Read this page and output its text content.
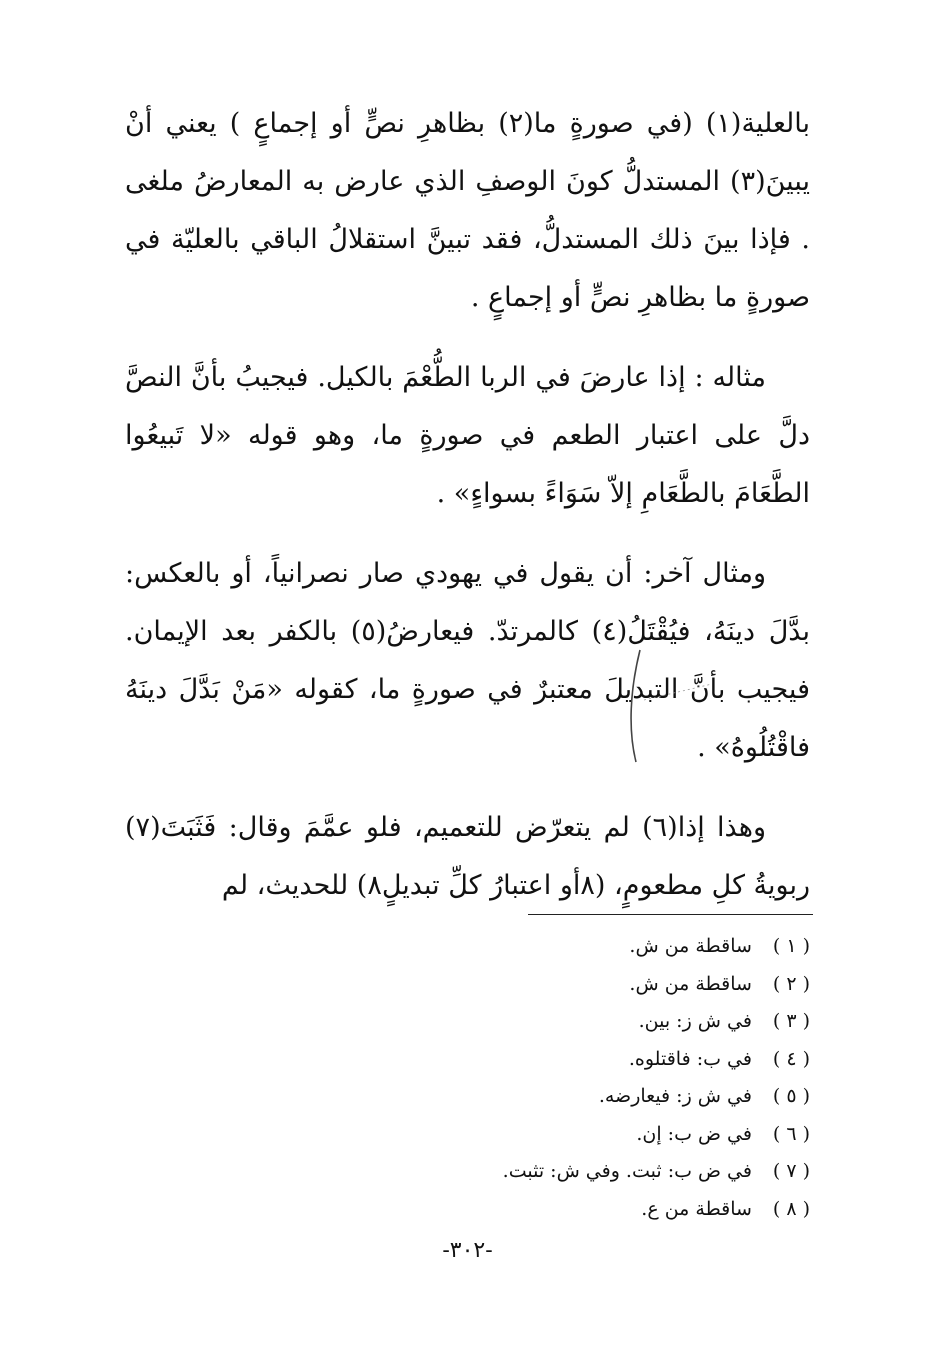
بالعلية(١) (في صورةٍ ما(٢) بظاهرِ نصٍّ أو إجماعٍ ) يعني أنْ يبينَ(٣) المستدلُّ كونَ الوصفِ الذي عارض به المعارضُ ملغى . فإذا بينَ ذلك المستدلُّ، فقد تبينَّ استقلالُ الباقي بالعليّة في صورةٍ ما بظاهرِ نصٍّ أو إجماعٍ .

مثاله : إذا عارضَ في الربا الطُّعْمَ بالكيل. فيجيبُ بأنَّ النصَّ دلَّ على اعتبار الطعم في صورةٍ ما، وهو قوله «لا تَبيعُوا الطَّعَامَ بالطَّعَامِ إلاّ سَوَاءً بسواءٍ» .

ومثال آخر: أن يقول في يهودي صار نصرانياً، أو بالعكس: بدَّلَ دينَهُ، فيُقْتَلُ(٤) كالمرتدّ. فيعارضُ(٥) بالكفر بعد الإيمان. فيجيب بأنَّ التبديلَ معتبرٌ في صورةٍ ما، كقوله «مَنْ بَدَّلَ دينَهُ فاقْتُلُوهُ» .

وهذا إذا(٦) لم يتعرّض للتعميم، فلو عمَّمَ وقال: فَثَبَتَ(٧) ربويةُ كلِ مطعومٍ، (٨أو اعتبارُ كلِّ تبديلٍ٨) للحديث، لم

( ١ ) ساقطة من ش.
( ٢ ) ساقطة من ش.
( ٣ ) في ش ز: بين.
( ٤ ) في ب: فاقتلوه.
( ٥ ) في ش ز: فيعارضه.
( ٦ ) في ض ب: إن.
( ٧ ) في ض ب: ثبت. وفي ش: تثبت.
( ٨ ) ساقطة من ع.
-٣٠٢-
